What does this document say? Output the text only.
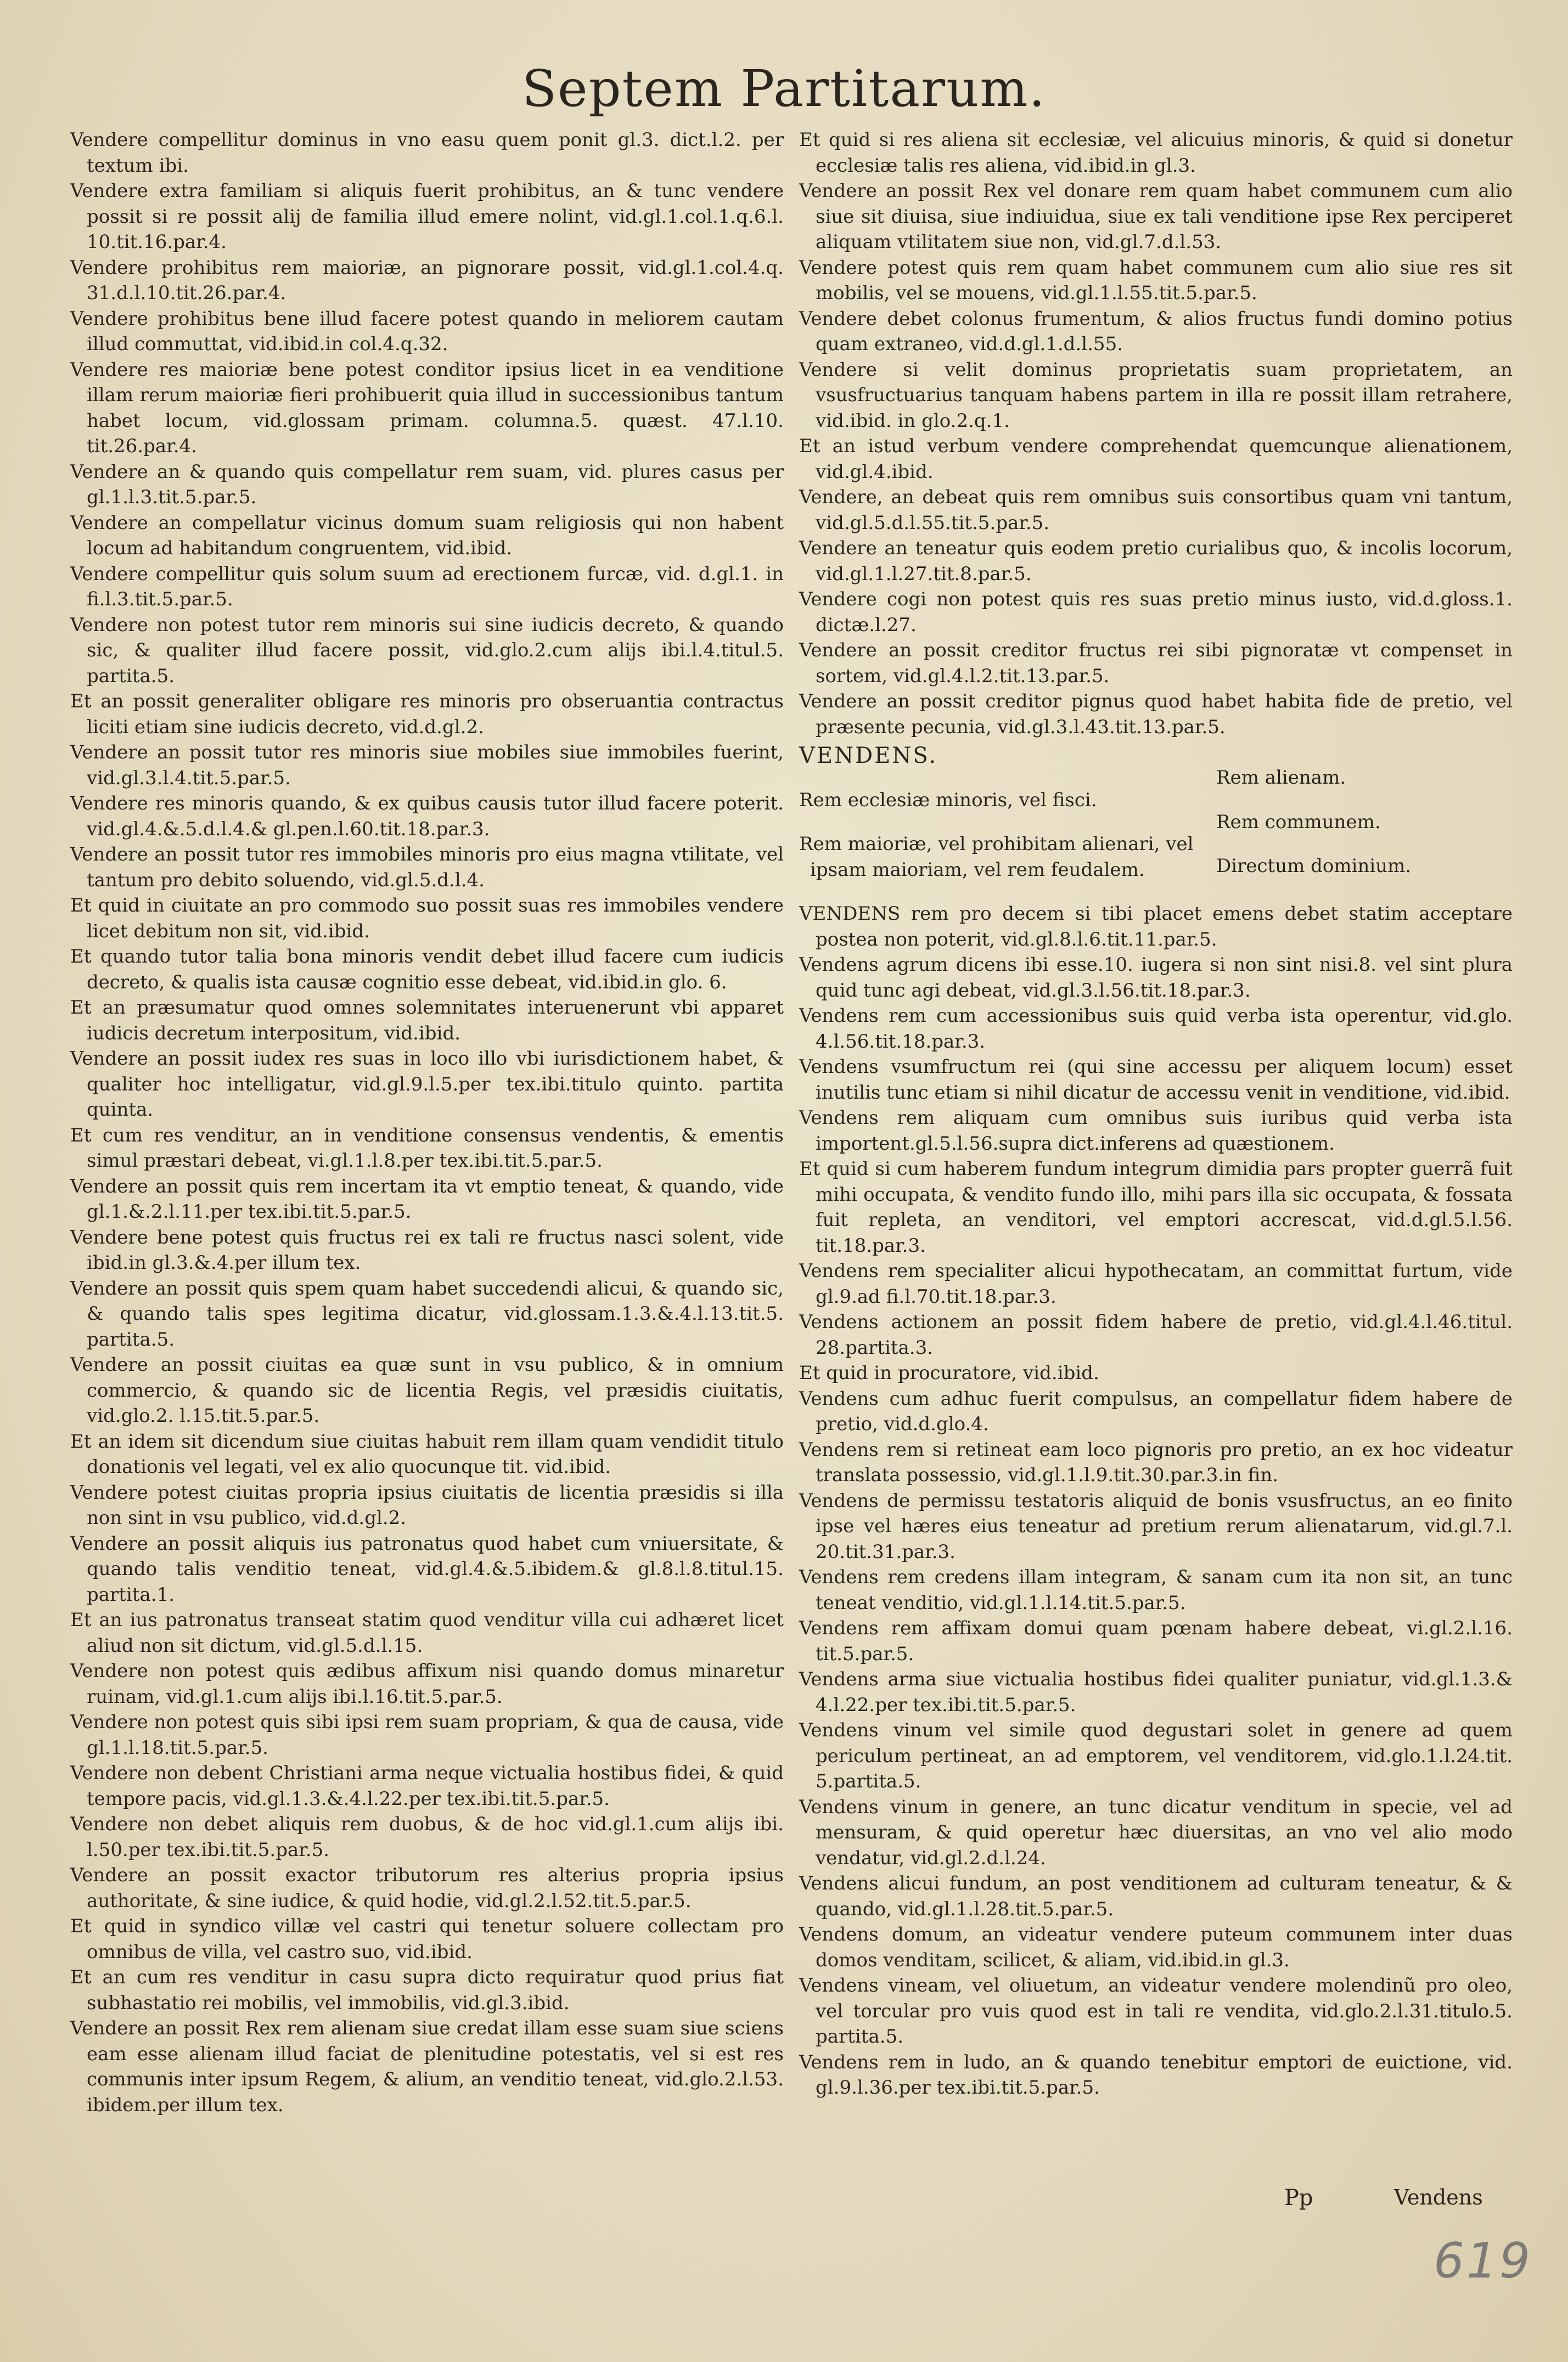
Septem Partitarum.

Vendere compellitur dominus in vno easu quem ponit gl.3. dict.l.2. per textum ibi.

Vendere extra familiam si aliquis fuerit prohibitus, an & tunc vendere possit si re possit alij de familia illud emere nolint, vid.gl.1.col.1.q.6.l. 10.tit.16.par.4.

Vendere prohibitus rem maioriæ, an pignorare possit, vid.gl.1.col.4.q. 31.d.l.10.tit.26.par.4.

Vendere prohibitus bene illud facere potest quando in meliorem cautam illud commuttat, vid.ibid.in col.4.q.32.

Vendere res maioriæ bene potest conditor ipsius licet in ea venditione illam rerum maioriæ fieri prohibuerit quia illud in successionibus tantum habet locum, vid.glossam primam. columna.5. quæst. 47.l.10. tit.26.par.4.

Vendere an & quando quis compellatur rem suam, vid. plures casus per gl.1.l.3.tit.5.par.5.

Vendere an compellatur vicinus domum suam religiosis qui non habent locum ad habitandum congruentem, vid.ibid.

Vendere compellitur quis solum suum ad erectionem furcæ, vid. d.gl.1. in fi.l.3.tit.5.par.5.

Vendere non potest tutor rem minoris sui sine iudicis decreto, & quando sic, & qualiter illud facere possit, vid.glo.2.cum alijs ibi.l.4.titul.5. partita.5.

Et an possit generaliter obligare res minoris pro obseruantia contractus liciti etiam sine iudicis decreto, vid.d.gl.2.

Vendere an possit tutor res minoris siue mobiles siue immobiles fuerint, vid.gl.3.l.4.tit.5.par.5.

Vendere res minoris quando, & ex quibus causis tutor illud facere poterit. vid.gl.4.&.5.d.l.4.& gl.pen.l.60.tit.18.par.3.

Vendere an possit tutor res immobiles minoris pro eius magna vtilitate, vel tantum pro debito soluendo, vid.gl.5.d.l.4.

Et quid in ciuitate an pro commodo suo possit suas res immobiles vendere licet debitum non sit, vid.ibid.

Et quando tutor talia bona minoris vendit debet illud facere cum iudicis decreto, & qualis ista causæ cognitio esse debeat, vid.ibid.in glo. 6.

Et an præsumatur quod omnes solemnitates interuenerunt vbi apparet iudicis decretum interpositum, vid.ibid.

Vendere an possit iudex res suas in loco illo vbi iurisdictionem habet, & qualiter hoc intelligatur, vid.gl.9.l.5.per tex.ibi.titulo quinto. partita quinta.

Et cum res venditur, an in venditione consensus vendentis, & ementis simul præstari debeat, vi.gl.1.l.8.per tex.ibi.tit.5.par.5.

Vendere an possit quis rem incertam ita vt emptio teneat, & quando, vide gl.1.&.2.l.11.per tex.ibi.tit.5.par.5.

Vendere bene potest quis fructus rei ex tali re fructus nasci solent, vide ibid.in gl.3.&.4.per illum tex.

Vendere an possit quis spem quam habet succedendi alicui, & quando sic, & quando talis spes legitima dicatur, vid.glossam.1.3.&.4.l.13.tit.5. partita.5.

Vendere an possit ciuitas ea quæ sunt in vsu publico, & in omnium commercio, & quando sic de licentia Regis, vel præsidis ciuitatis, vid.glo.2. l.15.tit.5.par.5.

Et an idem sit dicendum siue ciuitas habuit rem illam quam vendidit titulo donationis vel legati, vel ex alio quocunque tit. vid.ibid.

Vendere potest ciuitas propria ipsius ciuitatis de licentia præsidis si illa non sint in vsu publico, vid.d.gl.2.

Vendere an possit aliquis ius patronatus quod habet cum vniuersitate, & quando talis venditio teneat, vid.gl.4.&.5.ibidem.& gl.8.l.8.titul.15. partita.1.

Et an ius patronatus transeat statim quod venditur villa cui adhæret licet aliud non sit dictum, vid.gl.5.d.l.15.

Vendere non potest quis ædibus affixum nisi quando domus minaretur ruinam, vid.gl.1.cum alijs ibi.l.16.tit.5.par.5.

Vendere non potest quis sibi ipsi rem suam propriam, & qua de causa, vide gl.1.l.18.tit.5.par.5.

Vendere non debent Christiani arma neque victualia hostibus fidei, & quid tempore pacis, vid.gl.1.3.&.4.l.22.per tex.ibi.tit.5.par.5.

Vendere non debet aliquis rem duobus, & de hoc vid.gl.1.cum alijs ibi. l.50.per tex.ibi.tit.5.par.5.

Vendere an possit exactor tributorum res alterius propria ipsius authoritate, & sine iudice, & quid hodie, vid.gl.2.l.52.tit.5.par.5.

Et quid in syndico villæ vel castri qui tenetur soluere collectam pro omnibus de villa, vel castro suo, vid.ibid.

Et an cum res venditur in casu supra dicto requiratur quod prius fiat subhastatio rei mobilis, vel immobilis, vid.gl.3.ibid.

Vendere an possit Rex rem alienam siue credat illam esse suam siue sciens eam esse alienam illud faciat de plenitudine potestatis, vel si est res communis inter ipsum Regem, & alium, an venditio teneat, vid.glo.2.l.53. ibidem.per illum tex.

Et quid si res aliena sit ecclesiæ, vel alicuius minoris, & quid si donetur ecclesiæ talis res aliena, vid.ibid.in gl.3.

Vendere an possit Rex vel donare rem quam habet communem cum alio siue sit diuisa, siue indiuidua, siue ex tali venditione ipse Rex perciperet aliquam vtilitatem siue non, vid.gl.7.d.l.53.

Vendere potest quis rem quam habet communem cum alio siue res sit mobilis, vel se mouens, vid.gl.1.l.55.tit.5.par.5.

Vendere debet colonus frumentum, & alios fructus fundi domino potius quam extraneo, vid.d.gl.1.d.l.55.

Vendere si velit dominus proprietatis suam proprietatem, an vsusfructuarius tanquam habens partem in illa re possit illam retrahere, vid.ibid. in glo.2.q.1.

Et an istud verbum vendere comprehendat quemcunque alienationem, vid.gl.4.ibid.

Vendere, an debeat quis rem omnibus suis consortibus quam vni tantum, vid.gl.5.d.l.55.tit.5.par.5.

Vendere an teneatur quis eodem pretio curialibus quo, & incolis locorum, vid.gl.1.l.27.tit.8.par.5.

Vendere cogi non potest quis res suas pretio minus iusto, vid.d.gloss.1. dictæ.l.27.

Vendere an possit creditor fructus rei sibi pignoratæ vt compenset in sortem, vid.gl.4.l.2.tit.13.par.5.

Vendere an possit creditor pignus quod habet habita fide de pretio, vel præsente pecunia, vid.gl.3.l.43.tit.13.par.5.

VENDENS.

Rem ecclesiæ minoris, vel fisci.

Rem maioriæ, vel prohibitam alienari, vel ipsam maioriam, vel rem feudalem.

Rem alienam.

Rem communem.

Directum dominium.

VENDENS rem pro decem si tibi placet emens debet statim acceptare postea non poterit, vid.gl.8.l.6.tit.11.par.5.

Vendens agrum dicens ibi esse.10. iugera si non sint nisi.8. vel sint plura quid tunc agi debeat, vid.gl.3.l.56.tit.18.par.3.

Vendens rem cum accessionibus suis quid verba ista operentur, vid.glo. 4.l.56.tit.18.par.3.

Vendens vsumfructum rei (qui sine accessu per aliquem locum) esset inutilis tunc etiam si nihil dicatur de accessu venit in venditione, vid.ibid.

Vendens rem aliquam cum omnibus suis iuribus quid verba ista importent.gl.5.l.56.supra dict.inferens ad quæstionem.

Et quid si cum haberem fundum integrum dimidia pars propter guerrã fuit mihi occupata, & vendito fundo illo, mihi pars illa sic occupata, & fossata fuit repleta, an venditori, vel emptori accrescat, vid.d.gl.5.l.56. tit.18.par.3.

Vendens rem specialiter alicui hypothecatam, an committat furtum, vide gl.9.ad fi.l.70.tit.18.par.3.

Vendens actionem an possit fidem habere de pretio, vid.gl.4.l.46.titul. 28.partita.3.

Et quid in procuratore, vid.ibid.

Vendens cum adhuc fuerit compulsus, an compellatur fidem habere de pretio, vid.d.glo.4.

Vendens rem si retineat eam loco pignoris pro pretio, an ex hoc videatur translata possessio, vid.gl.1.l.9.tit.30.par.3.in fin.

Vendens de permissu testatoris aliquid de bonis vsusfructus, an eo finito ipse vel hæres eius teneatur ad pretium rerum alienatarum, vid.gl.7.l. 20.tit.31.par.3.

Vendens rem credens illam integram, & sanam cum ita non sit, an tunc teneat venditio, vid.gl.1.l.14.tit.5.par.5.

Vendens rem affixam domui quam pœnam habere debeat, vi.gl.2.l.16. tit.5.par.5.

Vendens arma siue victualia hostibus fidei qualiter puniatur, vid.gl.1.3.& 4.l.22.per tex.ibi.tit.5.par.5.

Vendens vinum vel simile quod degustari solet in genere ad quem periculum pertineat, an ad emptorem, vel venditorem, vid.glo.1.l.24.tit. 5.partita.5.

Vendens vinum in genere, an tunc dicatur venditum in specie, vel ad mensuram, & quid operetur hæc diuersitas, an vno vel alio modo vendatur, vid.gl.2.d.l.24.

Vendens alicui fundum, an post venditionem ad culturam teneatur, & & quando, vid.gl.1.l.28.tit.5.par.5.

Vendens domum, an videatur vendere puteum communem inter duas domos venditam, scilicet, & aliam, vid.ibid.in gl.3.

Vendens vineam, vel oliuetum, an videatur vendere molendinũ pro oleo, vel torcular pro vuis quod est in tali re vendita, vid.glo.2.l.31.titulo.5. partita.5.

Vendens rem in ludo, an & quando tenebitur emptori de euictione, vid. gl.9.l.36.per tex.ibi.tit.5.par.5.

Pp	Vendens
619
